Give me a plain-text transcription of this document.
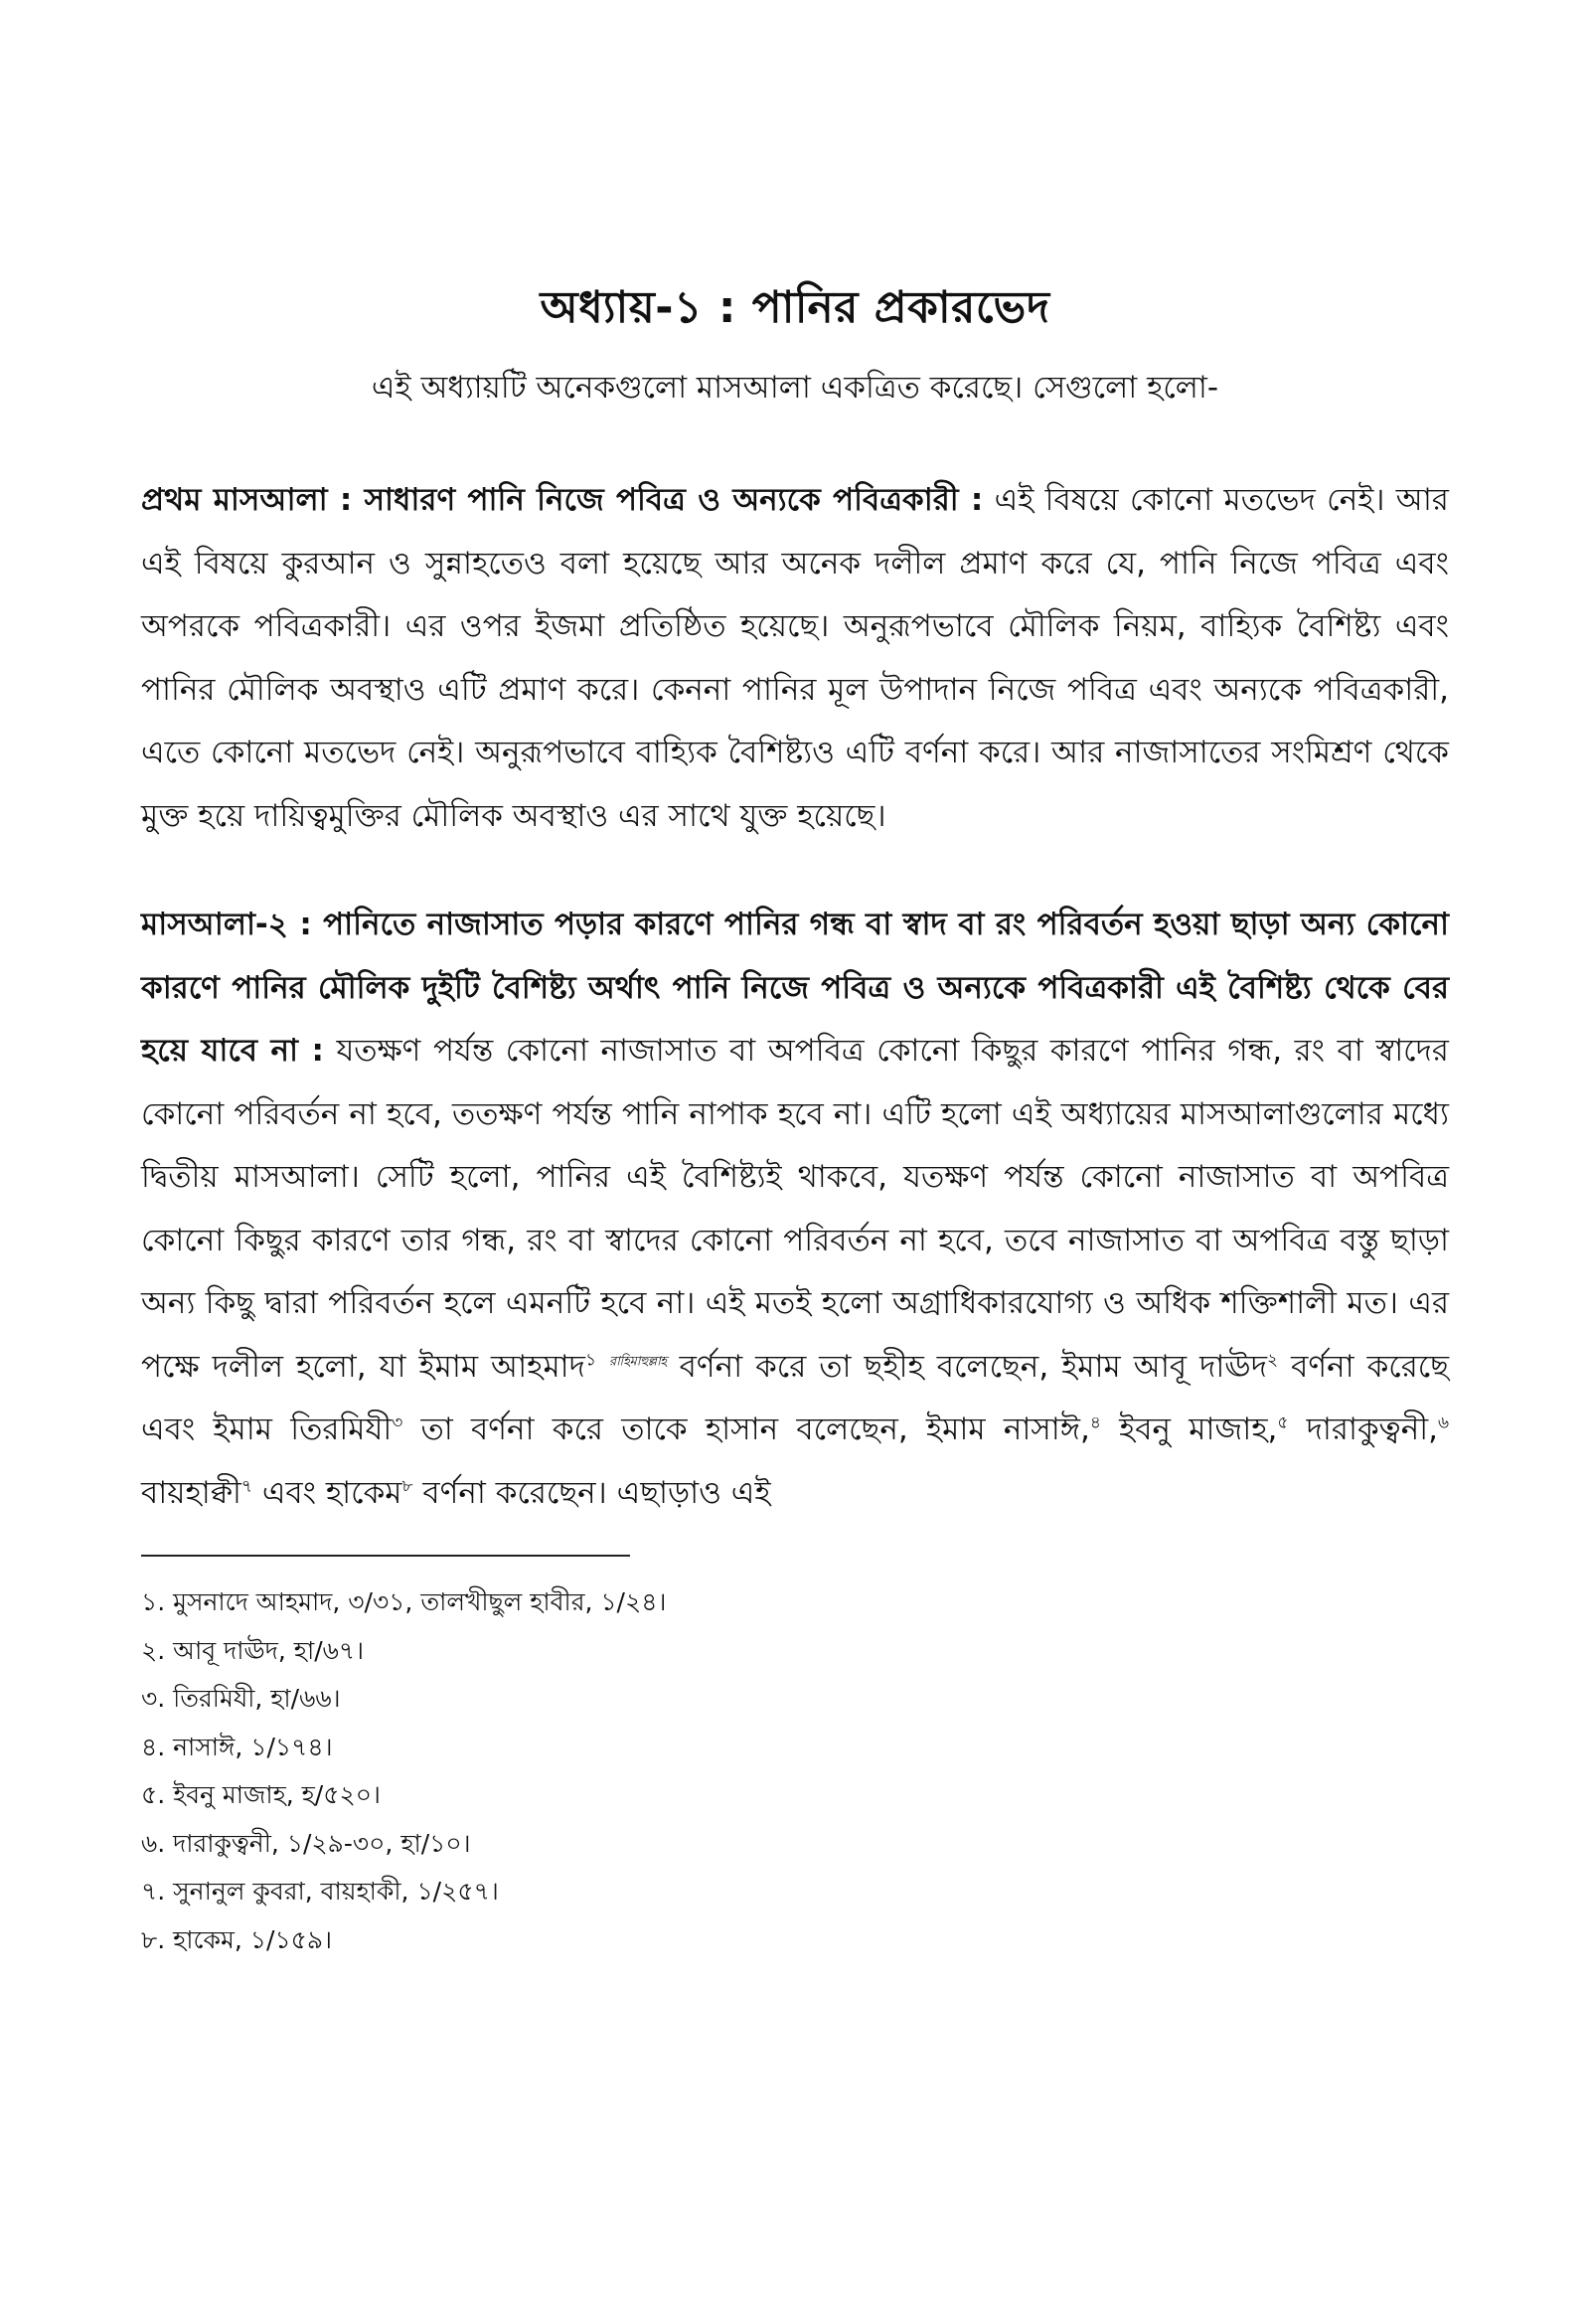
অধ্যায়-১ : পানির প্রকারভেদ

এই অধ্যায়টি অনেকগুলো মাসআলা একত্রিত করেছে। সেগুলো হলো-

প্রথম মাসআলা : সাধারণ পানি নিজে পবিত্র ও অন্যকে পবিত্রকারী : এই বিষয়ে কোনো মতভেদ নেই। আর এই বিষয়ে কুরআন ও সুন্নাহতেও বলা হয়েছে আর অনেক দলীল প্রমাণ করে যে, পানি নিজে পবিত্র এবং অপরকে পবিত্রকারী। এর ওপর ইজমা প্রতিষ্ঠিত হয়েছে। অনুরূপভাবে মৌলিক নিয়ম, বাহ্যিক বৈশিষ্ট্য এবং পানির মৌলিক অবস্থাও এটি প্রমাণ করে। কেননা পানির মূল উপাদান নিজে পবিত্র এবং অন্যকে পবিত্রকারী, এতে কোনো মতভেদ নেই। অনুরূপভাবে বাহ্যিক বৈশিষ্ট্যও এটি বর্ণনা করে। আর নাজাসাতের সংমিশ্রণ থেকে মুক্ত হয়ে দায়িত্বমুক্তির মৌলিক অবস্থাও এর সাথে যুক্ত হয়েছে।

মাসআলা-২ : পানিতে নাজাসাত পড়ার কারণে পানির গন্ধ বা স্বাদ বা রং পরিবর্তন হওয়া ছাড়া অন্য কোনো কারণে পানির মৌলিক দুইটি বৈশিষ্ট্য অর্থাৎ পানি নিজে পবিত্র ও অন্যকে পবিত্রকারী এই বৈশিষ্ট্য থেকে বের হয়ে যাবে না : যতক্ষণ পর্যন্ত কোনো নাজাসাত বা অপবিত্র কোনো কিছুর কারণে পানির গন্ধ, রং বা স্বাদের কোনো পরিবর্তন না হবে, ততক্ষণ পর্যন্ত পানি নাপাক হবে না। এটি হলো এই অধ্যায়ের মাসআলাগুলোর মধ্যে দ্বিতীয় মাসআলা। সেটি হলো, পানির এই বৈশিষ্ট্যই থাকবে, যতক্ষণ পর্যন্ত কোনো নাজাসাত বা অপবিত্র কোনো কিছুর কারণে তার গন্ধ, রং বা স্বাদের কোনো পরিবর্তন না হবে, তবে নাজাসাত বা অপবিত্র বস্তু ছাড়া অন্য কিছু দ্বারা পরিবর্তন হলে এমনটি হবে না। এই মতই হলো অগ্রাধিকারযোগ্য ও অধিক শক্তিশালী মত। এর পক্ষে দলীল হলো, যা ইমাম আহমাদ$^১$ $^{রাহিমাহুল্লাহ}$ বর্ণনা করে তা ছহীহ বলেছেন, ইমাম আবূ দাঊদ$^২$ বর্ণনা করেছে এবং ইমাম তিরমিযী$^৩$ তা বর্ণনা করে তাকে হাসান বলেছেন, ইমাম নাসাঈ,$^৪$ ইবনু মাজাহ,$^৫$ দারাকুত্বনী,$^৬$ বায়হাক্বী$^৭$ এবং হাকেম$^৮$ বর্ণনা করেছেন। এছাড়াও এই

১. মুসনাদে আহমাদ, ৩/৩১, তালখীছুল হাবীর, ১/২৪।
২. আবূ দাঊদ, হা/৬৭।
৩. তিরমিযী, হা/৬৬।
৪. নাসাঈ, ১/১৭৪।
৫. ইবনু মাজাহ, হ/৫২০।
৬. দারাকুত্বনী, ১/২৯-৩০, হা/১০।
৭. সুনানুল কুবরা, বায়হাকী, ১/২৫৭।
৮. হাকেম, ১/১৫৯।
